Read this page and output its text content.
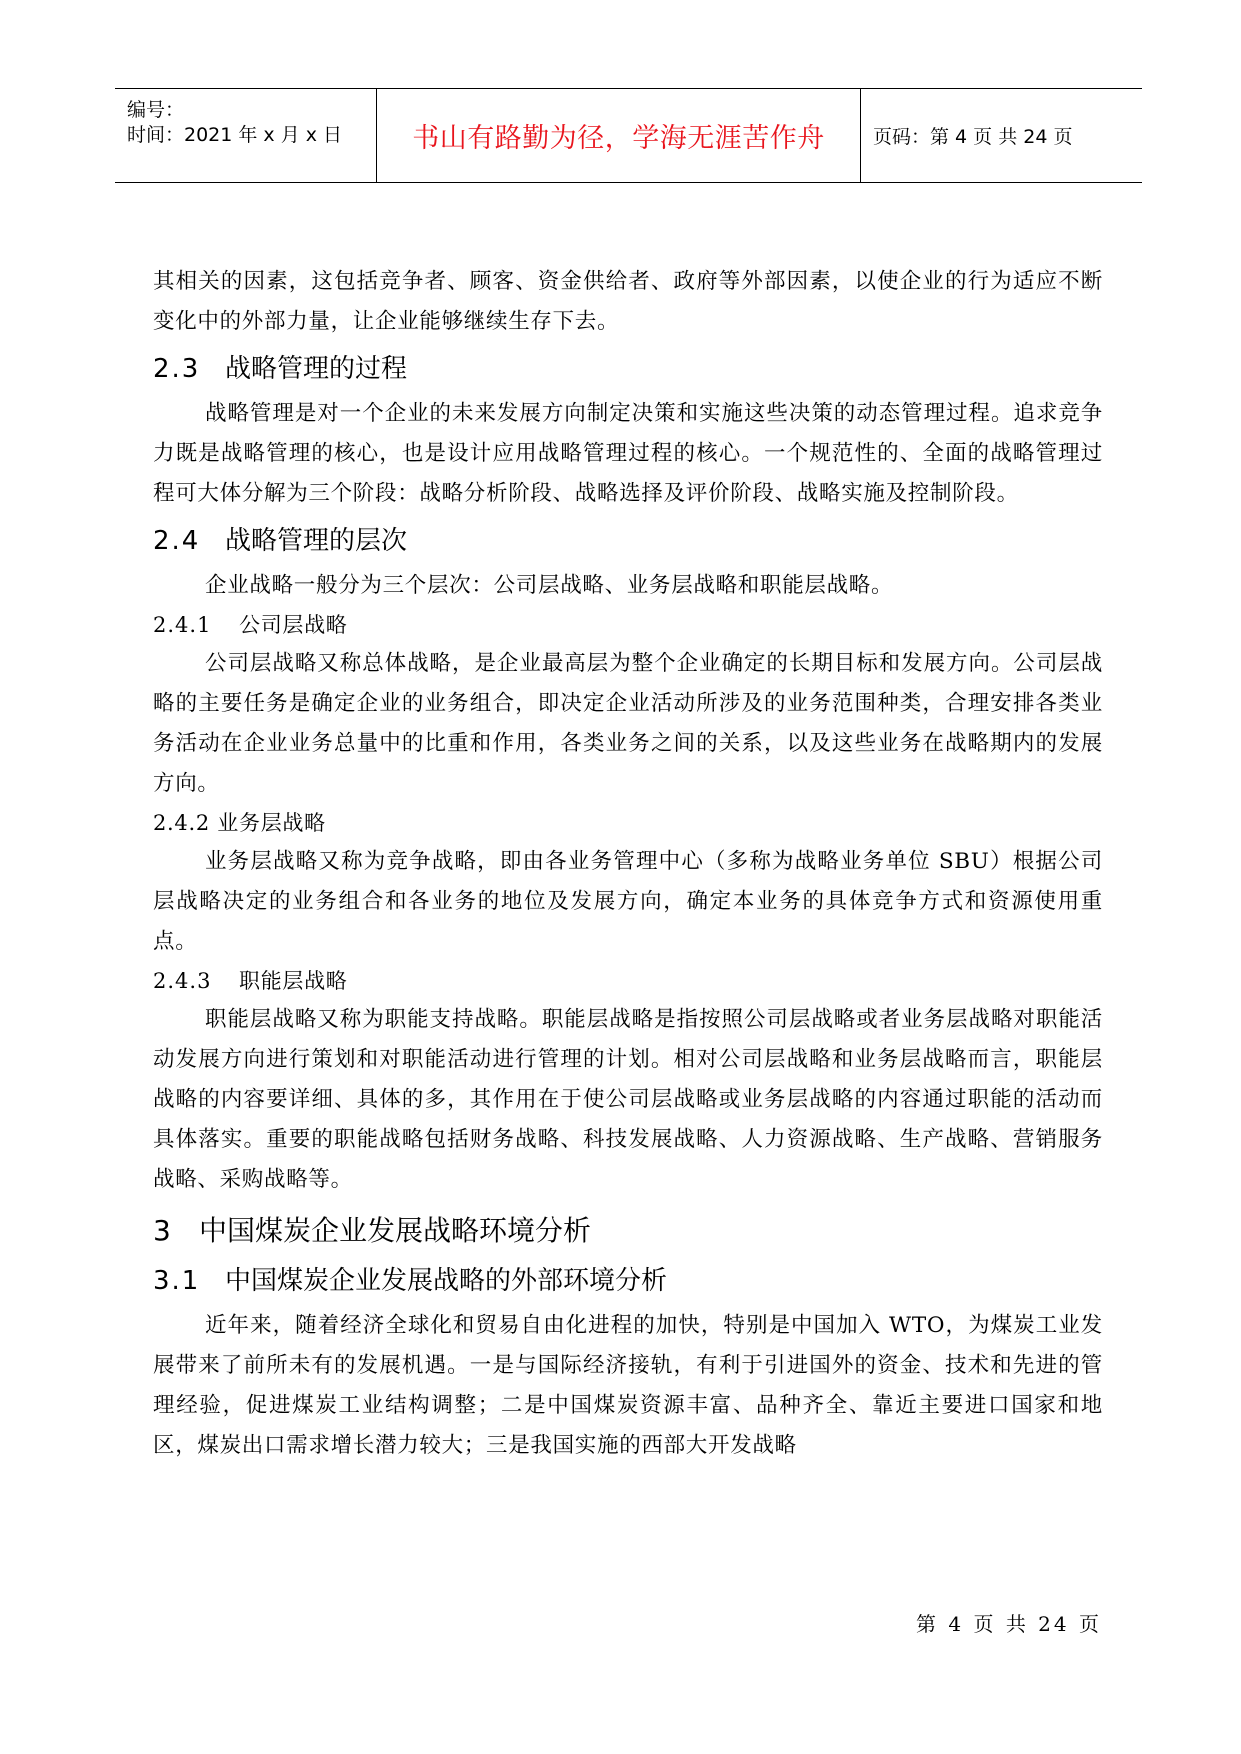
编号：
时间：2021 年 x 月 x 日	书山有路勤为径，学海无涯苦作舟	页码：第 4 页 共 24 页

其相关的因素，这包括竞争者、顾客、资金供给者、政府等外部因素，以使企业的行为适应不断变化中的外部力量，让企业能够继续生存下去。

2.3 战略管理的过程

战略管理是对一个企业的未来发展方向制定决策和实施这些决策的动态管理过程。追求竞争力既是战略管理的核心，也是设计应用战略管理过程的核心。一个规范性的、全面的战略管理过程可大体分解为三个阶段：战略分析阶段、战略选择及评价阶段、战略实施及控制阶段。

2.4 战略管理的层次

企业战略一般分为三个层次：公司层战略、业务层战略和职能层战略。

2.4.1 公司层战略

公司层战略又称总体战略，是企业最高层为整个企业确定的长期目标和发展方向。公司层战略的主要任务是确定企业的业务组合，即决定企业活动所涉及的业务范围种类，合理安排各类业务活动在企业业务总量中的比重和作用，各类业务之间的关系，以及这些业务在战略期内的发展方向。

2.4.2 业务层战略

业务层战略又称为竞争战略，即由各业务管理中心（多称为战略业务单位 SBU）根据公司层战略决定的业务组合和各业务的地位及发展方向，确定本业务的具体竞争方式和资源使用重点。

2.4.3 职能层战略

职能层战略又称为职能支持战略。职能层战略是指按照公司层战略或者业务层战略对职能活动发展方向进行策划和对职能活动进行管理的计划。相对公司层战略和业务层战略而言，职能层战略的内容要详细、具体的多，其作用在于使公司层战略或业务层战略的内容通过职能的活动而具体落实。重要的职能战略包括财务战略、科技发展战略、人力资源战略、生产战略、营销服务战略、采购战略等。

3 中国煤炭企业发展战略环境分析
3.1 中国煤炭企业发展战略的外部环境分析

近年来，随着经济全球化和贸易自由化进程的加快，特别是中国加入 WTO，为煤炭工业发展带来了前所未有的发展机遇。一是与国际经济接轨，有利于引进国外的资金、技术和先进的管理经验，促进煤炭工业结构调整；二是中国煤炭资源丰富、品种齐全、靠近主要进口国家和地区，煤炭出口需求增长潜力较大；三是我国实施的西部大开发战略

第 4 页 共 24 页
